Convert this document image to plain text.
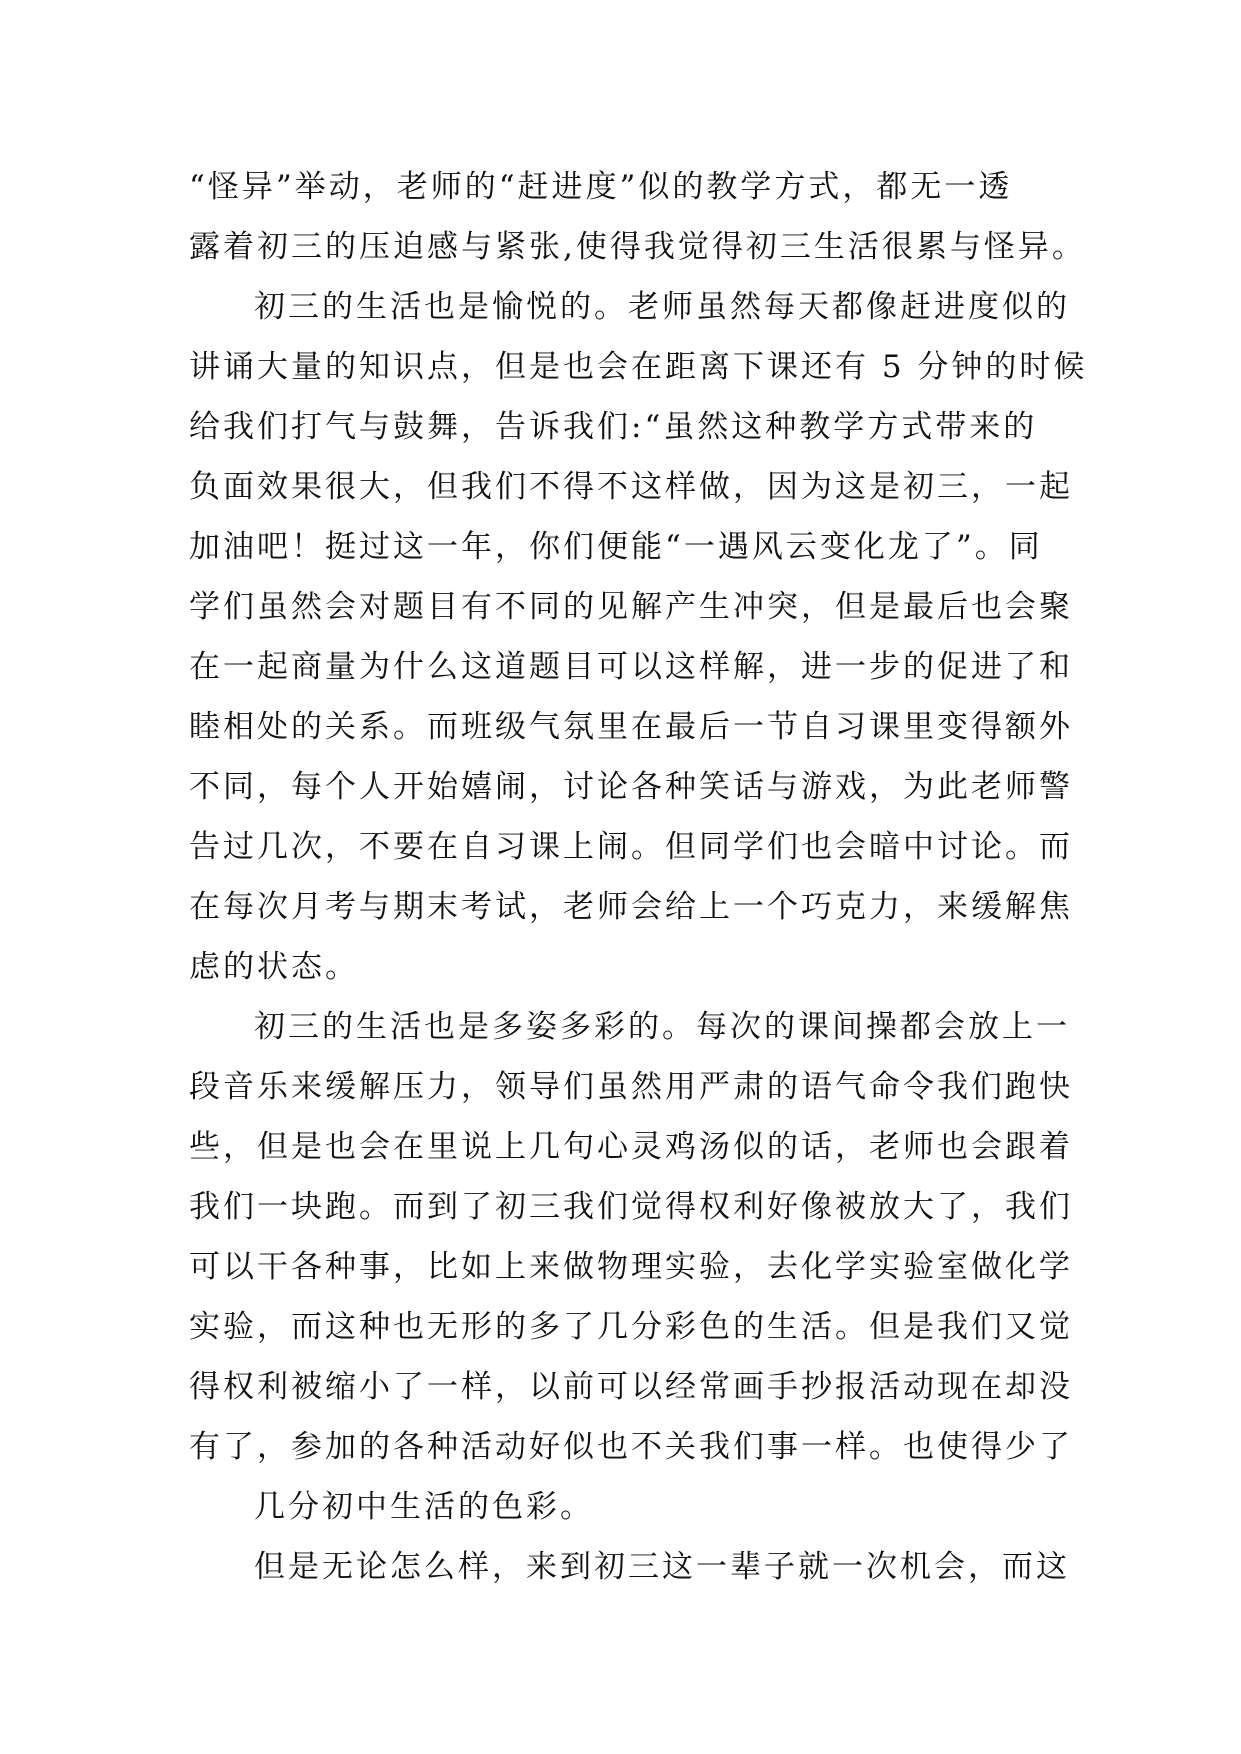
“怪异”举动，老师的“赶进度”似的教学方式，都无一透

露着初三的压迫感与紧张,使得我觉得初三生活很累与怪异。

初三的生活也是愉悦的。老师虽然每天都像赶进度似的

讲诵大量的知识点，但是也会在距离下课还有 5 分钟的时候

给我们打气与鼓舞，告诉我们:“虽然这种教学方式带来的

负面效果很大，但我们不得不这样做，因为这是初三，一起

加油吧！挺过这一年，你们便能“一遇风云变化龙了”。同

学们虽然会对题目有不同的见解产生冲突，但是最后也会聚

在一起商量为什么这道题目可以这样解，进一步的促进了和

睦相处的关系。而班级气氛里在最后一节自习课里变得额外

不同，每个人开始嬉闹，讨论各种笑话与游戏，为此老师警

告过几次，不要在自习课上闹。但同学们也会暗中讨论。而

在每次月考与期末考试，老师会给上一个巧克力，来缓解焦

虑的状态。

初三的生活也是多姿多彩的。每次的课间操都会放上一

段音乐来缓解压力，领导们虽然用严肃的语气命令我们跑快

些，但是也会在里说上几句心灵鸡汤似的话，老师也会跟着

我们一块跑。而到了初三我们觉得权利好像被放大了，我们

可以干各种事，比如上来做物理实验，去化学实验室做化学

实验，而这种也无形的多了几分彩色的生活。但是我们又觉

得权利被缩小了一样，以前可以经常画手抄报活动现在却没

有了，参加的各种活动好似也不关我们事一样。也使得少了

几分初中生活的色彩。

但是无论怎么样，来到初三这一辈子就一次机会，而这
